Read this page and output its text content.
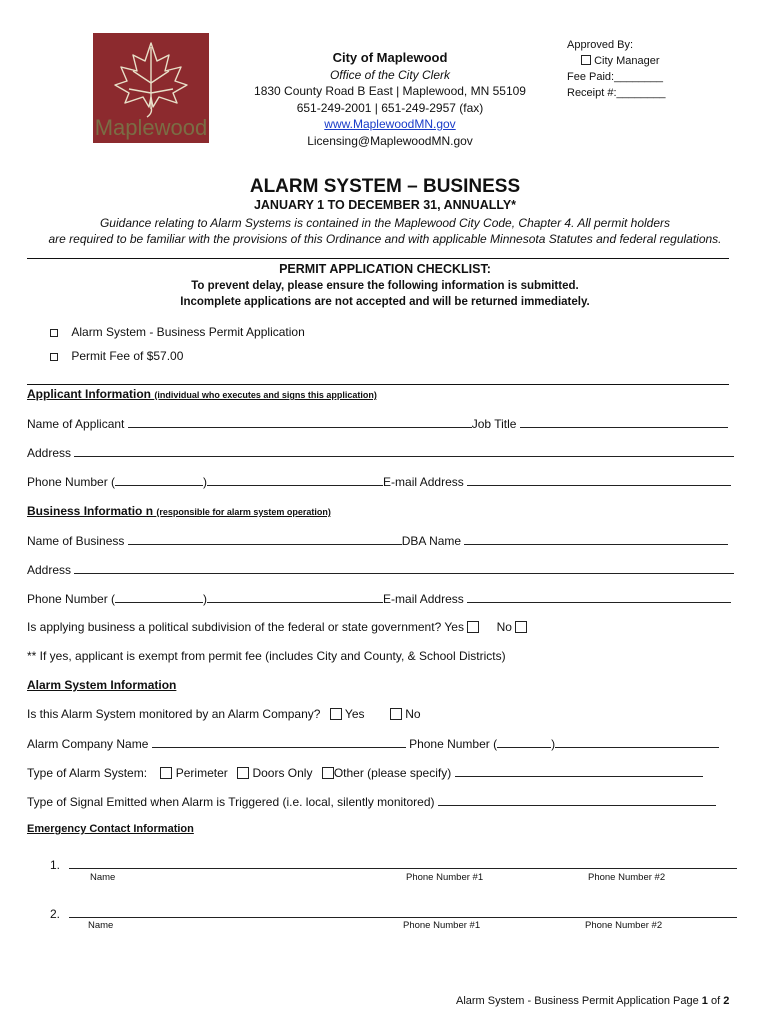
Maplewood
City of Maplewood
Office of the City Clerk
1830 County Road B East | Maplewood, MN 55109
651-249-2001 | 651-249-2957 (fax)
www.MaplewoodMN.gov
Licensing@MaplewoodMN.gov
Approved By:
City Manager
Fee Paid:________
Receipt #:________
ALARM SYSTEM – BUSINESS
JANUARY 1 TO DECEMBER 31, ANNUALLY*
Guidance relating to Alarm Systems is contained in the Maplewood City Code, Chapter 4. All permit holders
are required to be familiar with the provisions of this Ordinance and with applicable Minnesota Statutes and federal regulations.
PERMIT APPLICATION CHECKLIST:
To prevent delay, please ensure the following information is submitted.
Incomplete applications are not accepted and will be returned immediately.
Alarm System - Business Permit Application
Permit Fee of $57.00
Applicant Information (individual who executes and signs this application)
Name of Applicant	Job Title
Address
Phone Number (	)	E-mail Address
Business Informatio n (responsible for alarm system operation)
Name of Business	DBA Name
Address
Phone Number (	)	E-mail Address
Is applying business a political subdivision of the federal or state government? Yes	No
** If yes, applicant is exempt from permit fee (includes City and County, & School Districts)
Alarm System Information
Is this Alarm System monitored by an Alarm Company? Yes	No
Alarm Company Name	Phone Number (	)
Type of Alarm System: Perimeter Doors Only Other (please specify)
Type of Signal Emitted when Alarm is Triggered (i.e. local, silently monitored)
Emergency Contact Information
1.
Name	Phone Number #1	Phone Number #2
2.
Name	Phone Number #1	Phone Number #2
Alarm System - Business Permit Application Page 1 of 2
